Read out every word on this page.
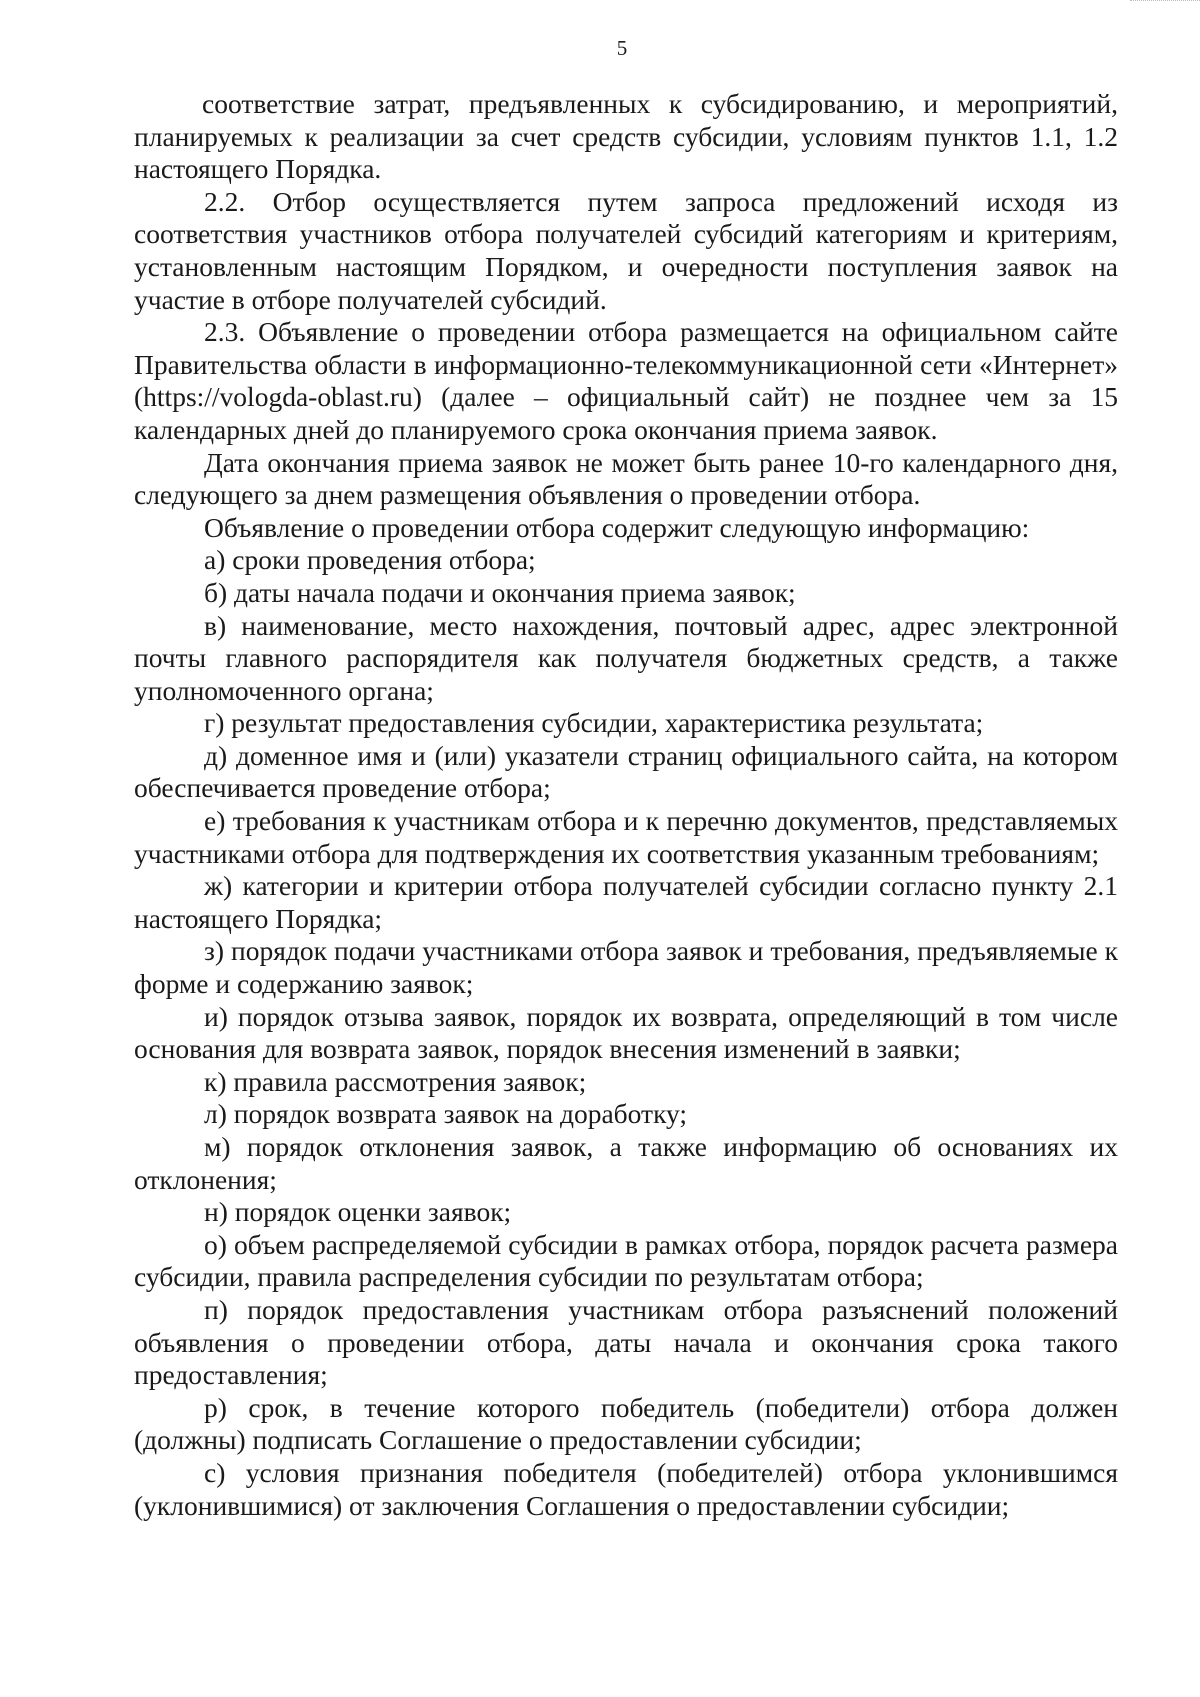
5

соответствие затрат, предъявленных к субсидированию, и мероприятий, планируемых к реализации за счет средств субсидии, условиям пунктов 1.1, 1.2 настоящего Порядка.

2.2. Отбор осуществляется путем запроса предложений исходя из соответствия участников отбора получателей субсидий категориям и критериям, установленным настоящим Порядком, и очередности поступления заявок на участие в отборе получателей субсидий.

2.3. Объявление о проведении отбора размещается на официальном сайте Правительства области в информационно-телекоммуникационной сети «Интернет» (https://vologda-oblast.ru) (далее – официальный сайт) не позднее чем за 15 календарных дней до планируемого срока окончания приема заявок.

Дата окончания приема заявок не может быть ранее 10-го календарного дня, следующего за днем размещения объявления о проведении отбора.

Объявление о проведении отбора содержит следующую информацию:

а) сроки проведения отбора;

б) даты начала подачи и окончания приема заявок;

в) наименование, место нахождения, почтовый адрес, адрес электронной почты главного распорядителя как получателя бюджетных средств, а также уполномоченного органа;

г) результат предоставления субсидии, характеристика результата;

д) доменное имя и (или) указатели страниц официального сайта, на котором обеспечивается проведение отбора;

е) требования к участникам отбора и к перечню документов, представляемых участниками отбора для подтверждения их соответствия указанным требованиям;

ж) категории и критерии отбора получателей субсидии согласно пункту 2.1 настоящего Порядка;

з) порядок подачи участниками отбора заявок и требования, предъявляемые к форме и содержанию заявок;

и) порядок отзыва заявок, порядок их возврата, определяющий в том числе основания для возврата заявок, порядок внесения изменений в заявки;

к) правила рассмотрения заявок;

л) порядок возврата заявок на доработку;

м) порядок отклонения заявок, а также информацию об основаниях их отклонения;

н) порядок оценки заявок;

о) объем распределяемой субсидии в рамках отбора, порядок расчета размера субсидии, правила распределения субсидии по результатам отбора;

п) порядок предоставления участникам отбора разъяснений положений объявления о проведении отбора, даты начала и окончания срока такого предоставления;

р) срок, в течение которого победитель (победители) отбора должен (должны) подписать Соглашение о предоставлении субсидии;

с) условия признания победителя (победителей) отбора уклонившимся (уклонившимися) от заключения Соглашения о предоставлении субсидии;
